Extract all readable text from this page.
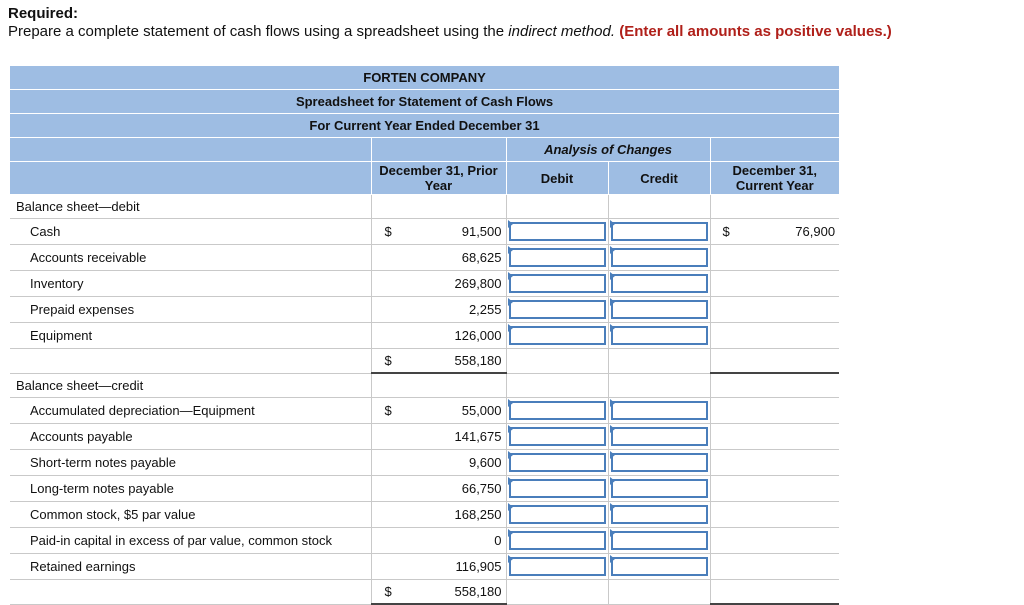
Required:
Prepare a complete statement of cash flows using a spreadsheet using the indirect method. (Enter all amounts as positive values.)
FORTEN COMPANY						
Spreadsheet for Statement of Cash Flows						
For Current Year Ended December 31						
			Analysis of Changes			
	December 31, Prior Year		Debit	Credit	December 31, Current Year	
Balance sheet—debit						
Cash	$	91,500			$	76,900
Accounts receivable		68,625	

Inventory		269,800	

Prepaid expenses		2,255	

Equipment		126,000	

	$	558,180				
Balance sheet—credit						
Accumulated depreciation—Equipment	$	55,000	

Accounts payable		141,675	

Short-term notes payable		9,600	

Long-term notes payable		66,750	

Common stock, $5 par value		168,250	

Paid-in capital in excess of par value, common stock		0	

Retained earnings		116,905	

	$	558,180				
